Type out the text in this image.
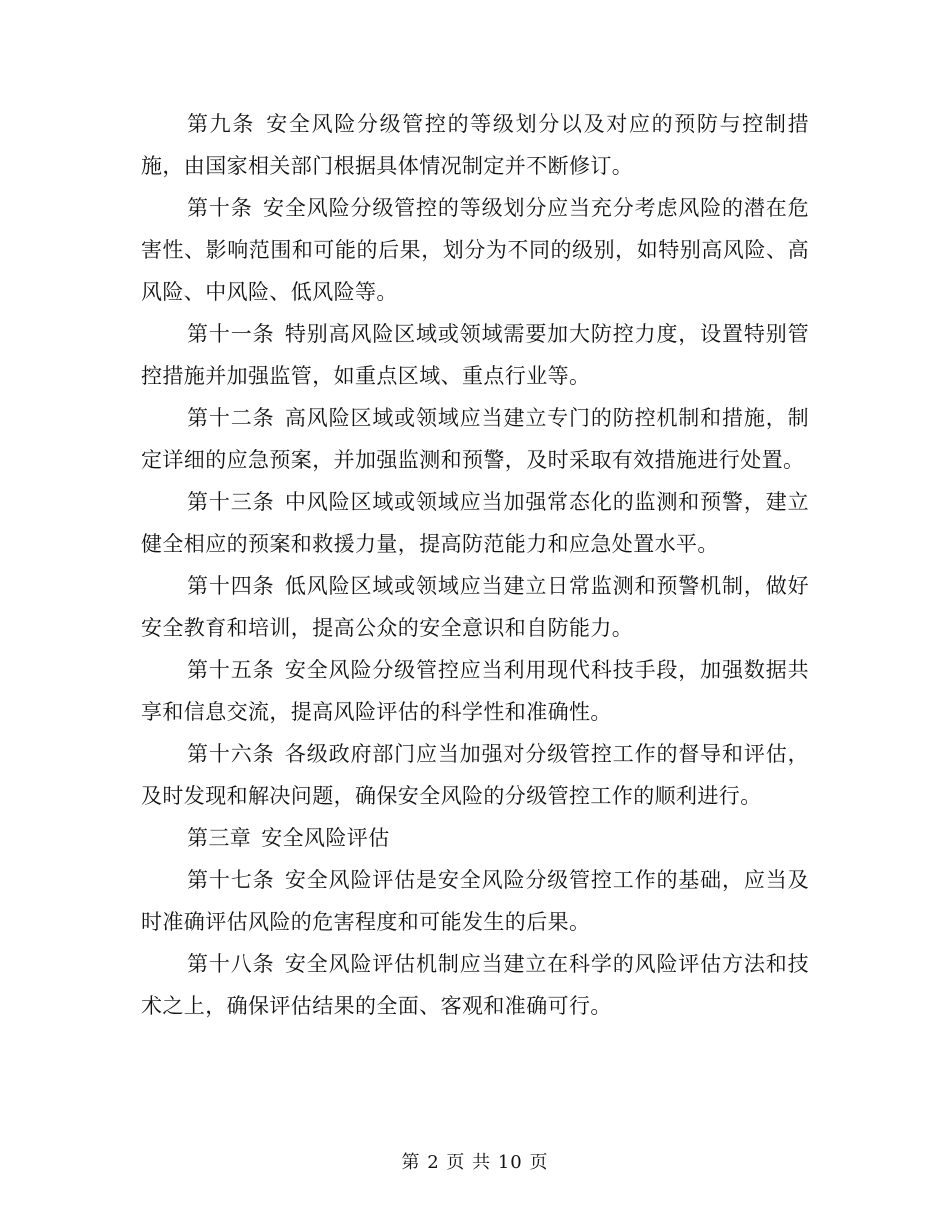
第九条 安全风险分级管控的等级划分以及对应的预防与控制措施，由国家相关部门根据具体情况制定并不断修订。

第十条 安全风险分级管控的等级划分应当充分考虑风险的潜在危害性、影响范围和可能的后果，划分为不同的级别，如特别高风险、高风险、中风险、低风险等。

第十一条 特别高风险区域或领域需要加大防控力度，设置特别管控措施并加强监管，如重点区域、重点行业等。

第十二条 高风险区域或领域应当建立专门的防控机制和措施，制定详细的应急预案，并加强监测和预警，及时采取有效措施进行处置。

第十三条 中风险区域或领域应当加强常态化的监测和预警，建立健全相应的预案和救援力量，提高防范能力和应急处置水平。

第十四条 低风险区域或领域应当建立日常监测和预警机制，做好安全教育和培训，提高公众的安全意识和自防能力。

第十五条 安全风险分级管控应当利用现代科技手段，加强数据共享和信息交流，提高风险评估的科学性和准确性。

第十六条 各级政府部门应当加强对分级管控工作的督导和评估，及时发现和解决问题，确保安全风险的分级管控工作的顺利进行。

第三章 安全风险评估

第十七条 安全风险评估是安全风险分级管控工作的基础，应当及时准确评估风险的危害程度和可能发生的后果。

第十八条 安全风险评估机制应当建立在科学的风险评估方法和技术之上，确保评估结果的全面、客观和准确可行。

第 2 页 共 10 页
